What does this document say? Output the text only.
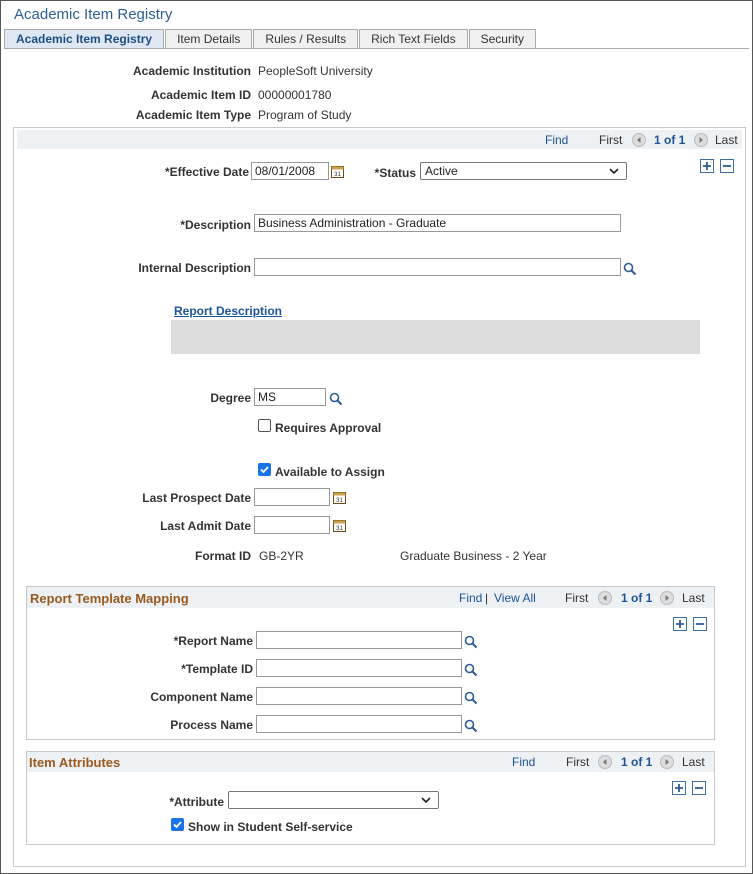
Academic Item Registry
Academic Item Registry	Item Details	Rules / Results	Rich Text Fields	Security
Academic Institution PeopleSoft University
Academic Item ID 00000001780
Academic Item Type Program of Study
Find	First	1 of 1 Last
*Effective Date 08/01/2008	31	*Status Active
*Description Business Administration - Graduate
Internal Description
Report Description
Degree MS
Requires Approval
Available to Assign
Last Prospect Date	31
Last Admit Date	31
Format ID GB-2YR	Graduate Business - 2 Year
Report Template Mapping	Find | View All First	1 of 1 Last
*Report Name
*Template ID
Component Name
Process Name
Item Attributes	Find	First	1 of 1 Last
*Attribute
Show in Student Self-service
